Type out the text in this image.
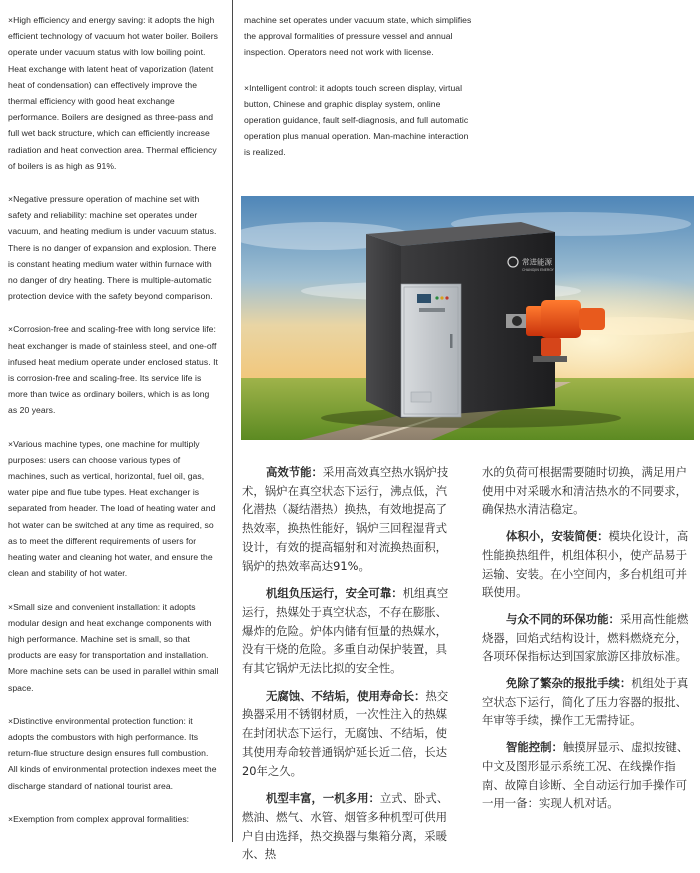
×High efficiency and energy saving: it adopts the high efficient technology of vacuum hot water boiler. Boilers operate under vacuum status with low boiling point. Heat exchange with latent heat of vaporization (latent heat of condensation) can effectively improve the thermal efficiency with good heat exchange performance. Boilers are designed as three-pass and full wet back structure, which can efficiently increase radiation and heat convection area. Thermal efficiency of boilers is as high as 91%.

×Negative pressure operation of machine set with safety and reliability: machine set operates under vacuum, and heating medium is under vacuum status. There is no danger of expansion and explosion. There is constant heating medium water within furnace with no danger of dry heating. There is multiple-automatic protection device with the safety beyond comparison.

×Corrosion-free and scaling-free with long service life: heat exchanger is made of stainless steel, and one-off infused heat medium operate under enclosed status. It is corrosion-free and scaling-free. Its service life is more than twice as ordinary boilers, which is as long as 20 years.

×Various machine types, one machine for multiply purposes: users can choose various types of machines, such as vertical, horizontal, fuel oil, gas, water pipe and flue tube types. Heat exchanger is separated from header. The load of heating water and hot water can be switched at any time as required, so as to meet the different requirements of users for heating water and cleaning hot water, and ensure the clean and stability of hot water.

×Small size and convenient installation: it adopts modular design and heat exchange components with high performance. Machine set is small, so that products are easy for transportation and installation. More machine sets can be used in parallel within small space.

×Distinctive environmental protection function: it adopts the combustors with high performance. Its return-flue structure design ensures full combustion. All kinds of environmental protection indexes meet the discharge standard of national tourist area.

×Exemption from complex approval formalities:

machine set operates under vacuum state, which simplifies the approval formalities of pressure vessel and annual inspection. Operators need not work with license.

×Intelligent control: it adopts touch screen display, virtual button, Chinese and graphic display system, online operation guidance, fault self-diagnosis, and full automatic operation plus manual operation. Man-machine interaction is realized.

常进能源
CHANGJIN ENERGY

高效节能：采用高效真空热水锅炉技术，锅炉在真空状态下运行，沸点低，汽化潜热（凝结潜热）换热，有效地提高了热效率，换热性能好，锅炉三回程湿背式设计，有效的提高辐射和对流换热面积，锅炉的热效率高达91%。

机组负压运行，安全可靠：机组真空运行，热媒处于真空状态，不存在膨胀、爆炸的危险。炉体内储有恒量的热媒水，没有干烧的危险。多重自动保护装置，具有其它锅炉无法比拟的安全性。

无腐蚀、不结垢，使用寿命长：热交换器采用不锈钢材质，一次性注入的热媒在封闭状态下运行，无腐蚀、不结垢，使其使用寿命较普通锅炉延长近二倍，长达20年之久。

机型丰富，一机多用：立式、卧式、燃油、燃气、水管、烟管多种机型可供用户自由选择，热交换器与集箱分离，采暖水、热

水的负荷可根据需要随时切换，满足用户使用中对采暖水和清洁热水的不同要求，确保热水清洁稳定。

体积小，安装简便：模块化设计，高性能换热组件，机组体积小，使产品易于运输、安装。在小空间内，多台机组可并联使用。

与众不同的环保功能：采用高性能燃烧器，回焰式结构设计，燃料燃烧充分，各项环保指标达到国家旅游区排放标准。

免除了繁杂的报批手续：机组处于真空状态下运行，简化了压力容器的报批、年审等手续，操作工无需持证。

智能控制：触摸屏显示、虚拟按键、中文及图形显示系统工况、在线操作指南、故障自诊断、全自动运行加手操作可一用一备：实现人机对话。
